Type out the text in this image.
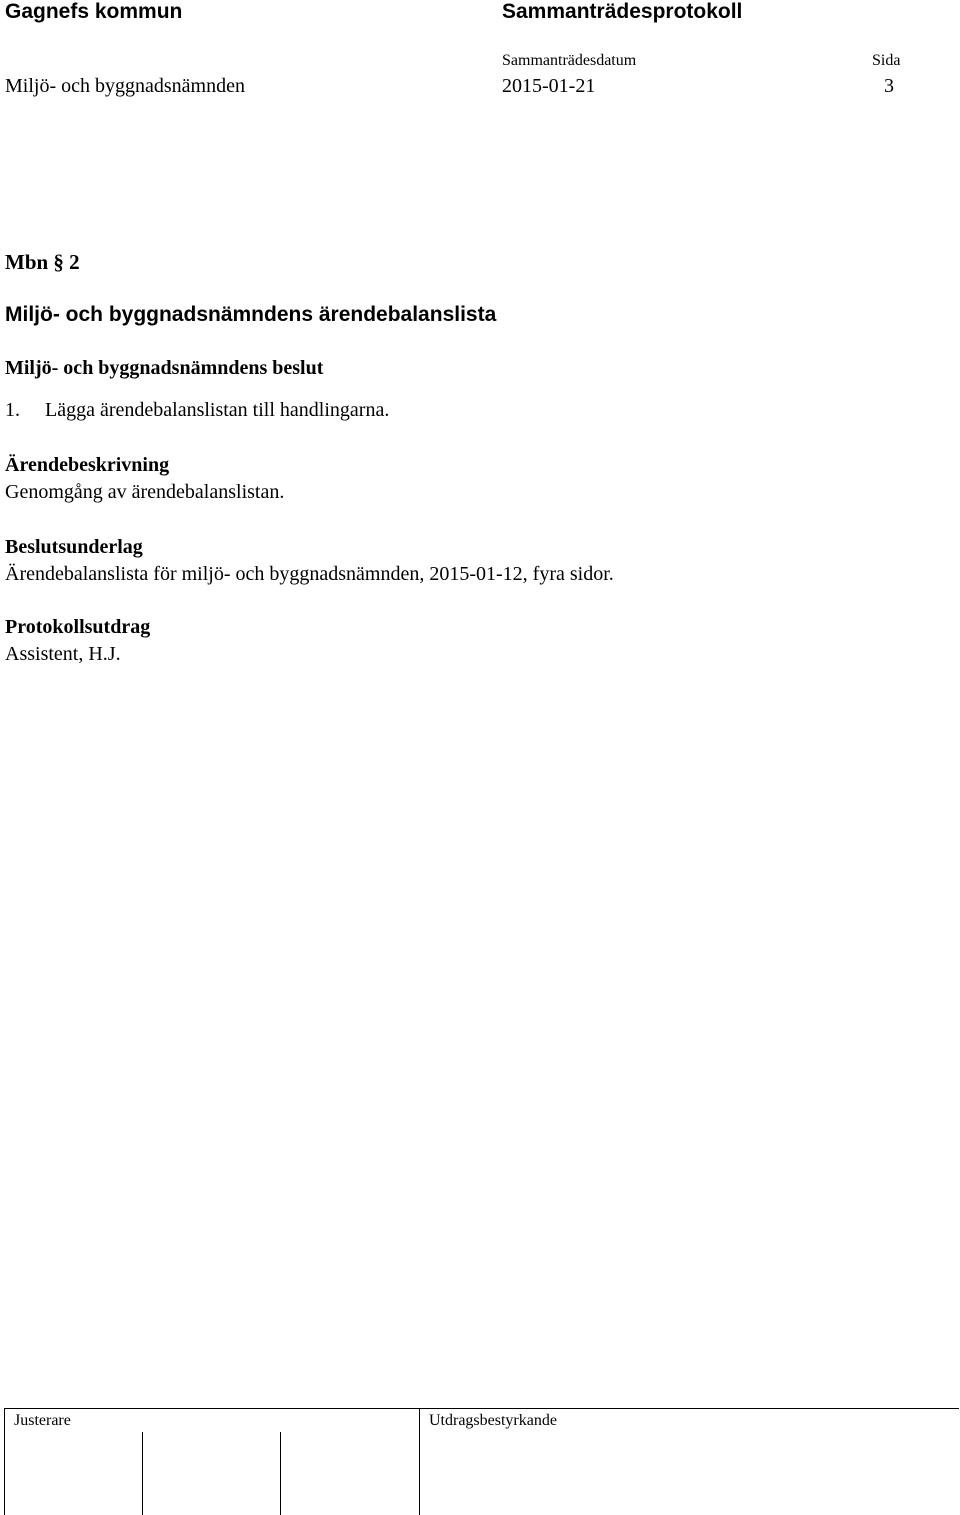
Gagnefs kommun	Sammanträdesprotokoll
Sammanträdesdatum	Sida
Miljö- och byggnadsnämnden	2015-01-21	3
Mbn § 2
Miljö- och byggnadsnämndens ärendebalanslista
Miljö- och byggnadsnämndens beslut
1. Lägga ärendebalanslistan till handlingarna.
Ärendebeskrivning
Genomgång av ärendebalanslistan.
Beslutsunderlag
Ärendebalanslista för miljö- och byggnadsnämnden, 2015-01-12, fyra sidor.
Protokollsutdrag
Assistent, H.J.
Justerare	Utdragsbestyrkande
